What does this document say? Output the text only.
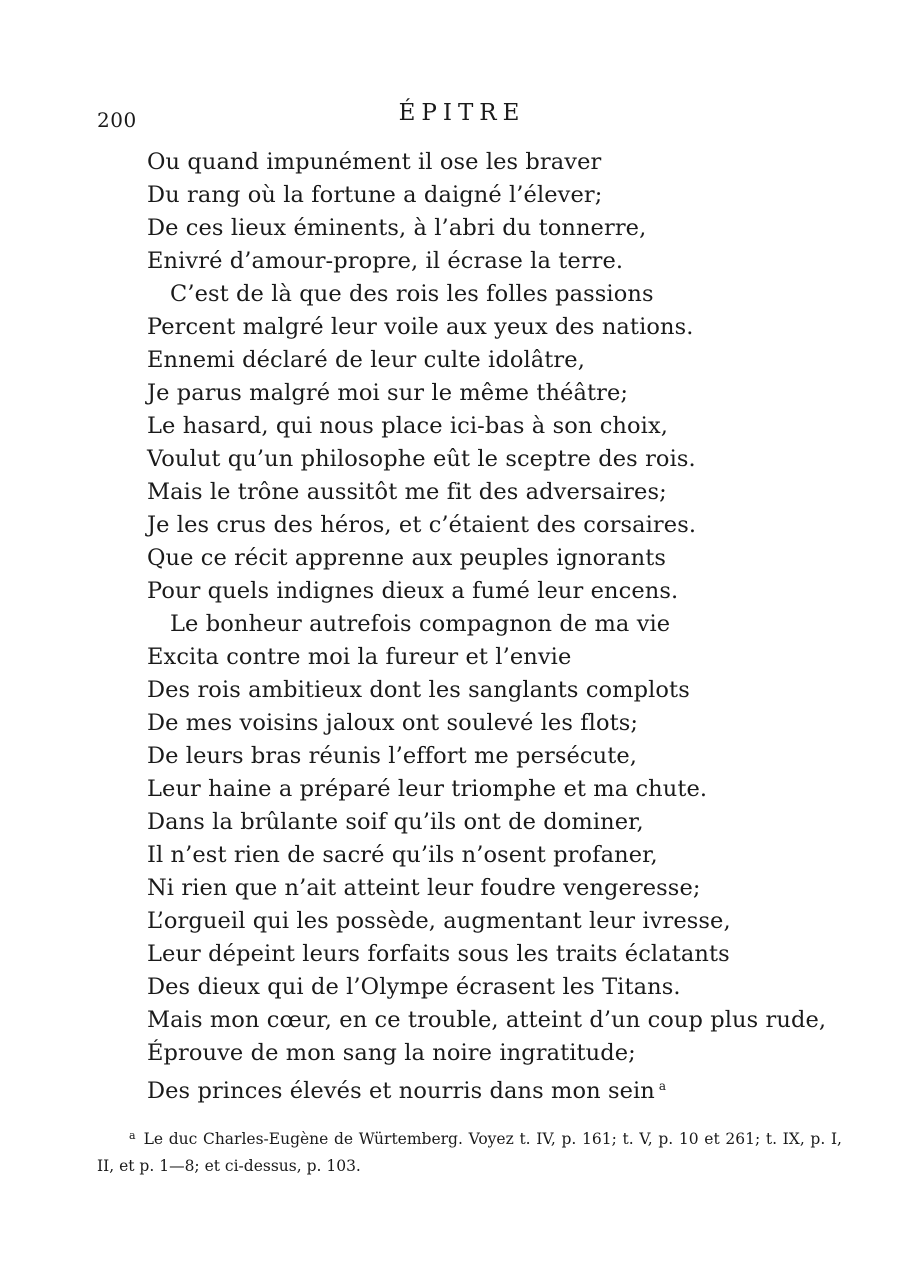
200	ÉPITRE
Ou quand impunément il ose les braver
Du rang où la fortune a daigné l’élever;
De ces lieux éminents, à l’abri du tonnerre,
Enivré d’amour-propre, il écrase la terre.
C’est de là que des rois les folles passions
Percent malgré leur voile aux yeux des nations.
Ennemi déclaré de leur culte idolâtre,
Je parus malgré moi sur le même théâtre;
Le hasard, qui nous place ici-bas à son choix,
Voulut qu’un philosophe eût le sceptre des rois.
Mais le trône aussitôt me fit des adversaires;
Je les crus des héros, et c’étaient des corsaires.
Que ce récit apprenne aux peuples ignorants
Pour quels indignes dieux a fumé leur encens.
Le bonheur autrefois compagnon de ma vie
Excita contre moi la fureur et l’envie
Des rois ambitieux dont les sanglants complots
De mes voisins jaloux ont soulevé les flots;
De leurs bras réunis l’effort me persécute,
Leur haine a préparé leur triomphe et ma chute.
Dans la brûlante soif qu’ils ont de dominer,
Il n’est rien de sacré qu’ils n’osent profaner,
Ni rien que n’ait atteint leur foudre vengeresse;
L’orgueil qui les possède, augmentant leur ivresse,
Leur dépeint leurs forfaits sous les traits éclatants
Des dieux qui de l’Olympe écrasent les Titans.
Mais mon cœur, en ce trouble, atteint d’un coup plus rude,
Éprouve de mon sang la noire ingratitude;
Des princes élevés et nourris dans mon sein $^a$
$^a$ Le duc Charles-Eugène de Würtemberg. Voyez t. IV, p. 161; t. V, p. 10 et 261; t. IX, p. I, II, et p. 1—8; et ci-dessus, p. 103.
